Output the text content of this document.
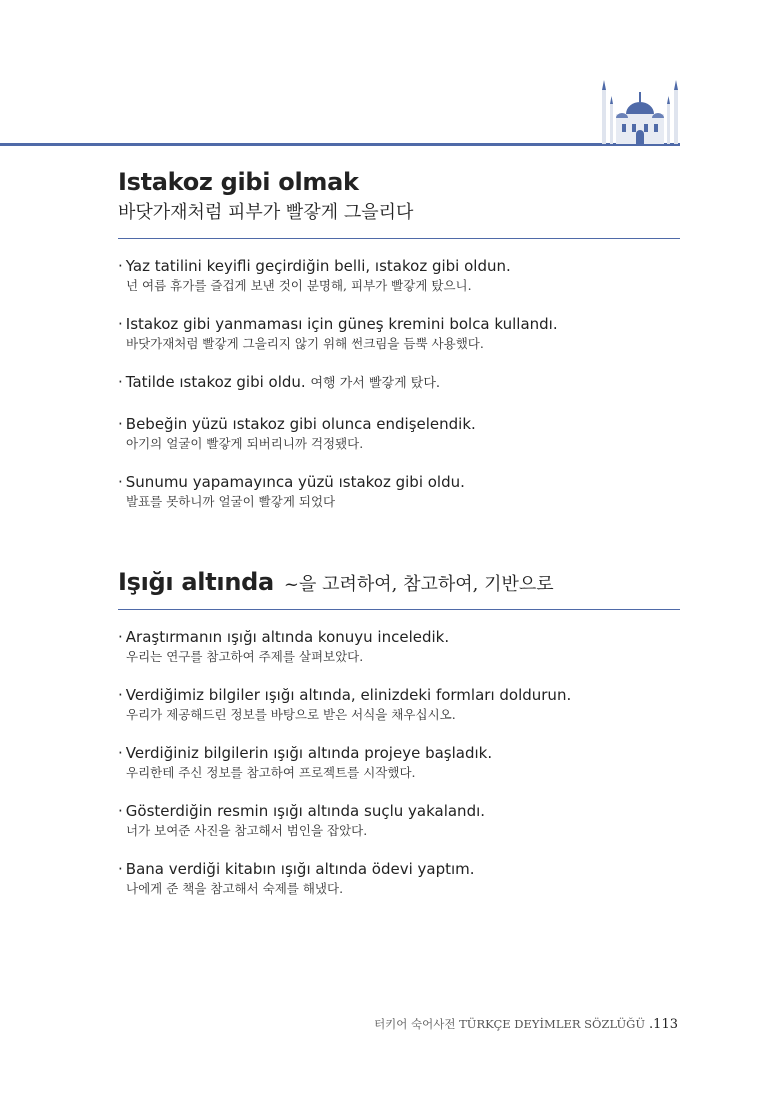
Istakoz gibi olmak
바닷가재처럼 피부가 빨갛게 그을리다
· Yaz tatilini keyifli geçirdiğin belli, ıstakoz gibi oldun.
넌 여름 휴가를 즐겁게 보낸 것이 분명해, 피부가 빨갛게 탔으니.
· Istakoz gibi yanmaması için güneş kremini bolca kullandı.
바닷가재처럼 빨갛게 그을리지 않기 위해 썬크림을 듬뿍 사용했다.
· Tatilde ıstakoz gibi oldu. 여행 가서 빨갛게 탔다.
· Bebeğin yüzü ıstakoz gibi olunca endişelendik.
아기의 얼굴이 빨갛게 되버리니까 걱정됐다.
· Sunumu yapamayınca yüzü ıstakoz gibi oldu.
발표를 못하니까 얼굴이 빨갛게 되었다
Işığı altında ~을 고려하여, 참고하여, 기반으로
· Araştırmanın ışığı altında konuyu inceledik.
우리는 연구를 참고하여 주제를 살펴보았다.
· Verdiğimiz bilgiler ışığı altında, elinizdeki formları doldurun.
우리가 제공해드린 정보를 바탕으로 받은 서식을 채우십시오.
· Verdiğiniz bilgilerin ışığı altında projeye başladık.
우리한테 주신 정보를 참고하여 프로젝트를 시작했다.
· Gösterdiğin resmin ışığı altında suçlu yakalandı.
너가 보여준 사진을 참고해서 범인을 잡았다.
· Bana verdiği kitabın ışığı altında ödevi yaptım.
나에게 준 책을 참고해서 숙제를 해냈다.
터키어 숙어사전 TÜRKÇE DEYİMLER SÖZLÜĞÜ .113
